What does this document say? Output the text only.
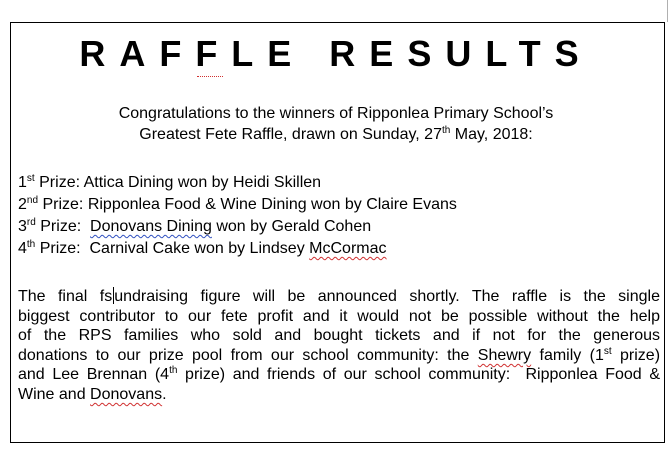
RAFFLE RESULTS
Congratulations to the winners of Ripponlea Primary School’s
Greatest Fete Raffle, drawn on Sunday, 27th May, 2018:
1st Prize: Attica Dining won by Heidi Skillen
2nd Prize: Ripponlea Food & Wine Dining won by Claire Evans
3rd Prize:  Donovans Dining won by Gerald Cohen
4th Prize:  Carnival Cake won by Lindsey McCormac
The final fs undraising figure will be announced shortly. The raffle is the single
biggest contributor to our fete profit and it would not be possible without the help
of the RPS families who sold and bought tickets and if not for the generous
donations to our prize pool from our school community: the Shewry family (1st prize)
and Lee Brennan (4th prize) and friends of our school community:  Ripponlea Food &
Wine and Donovans.
